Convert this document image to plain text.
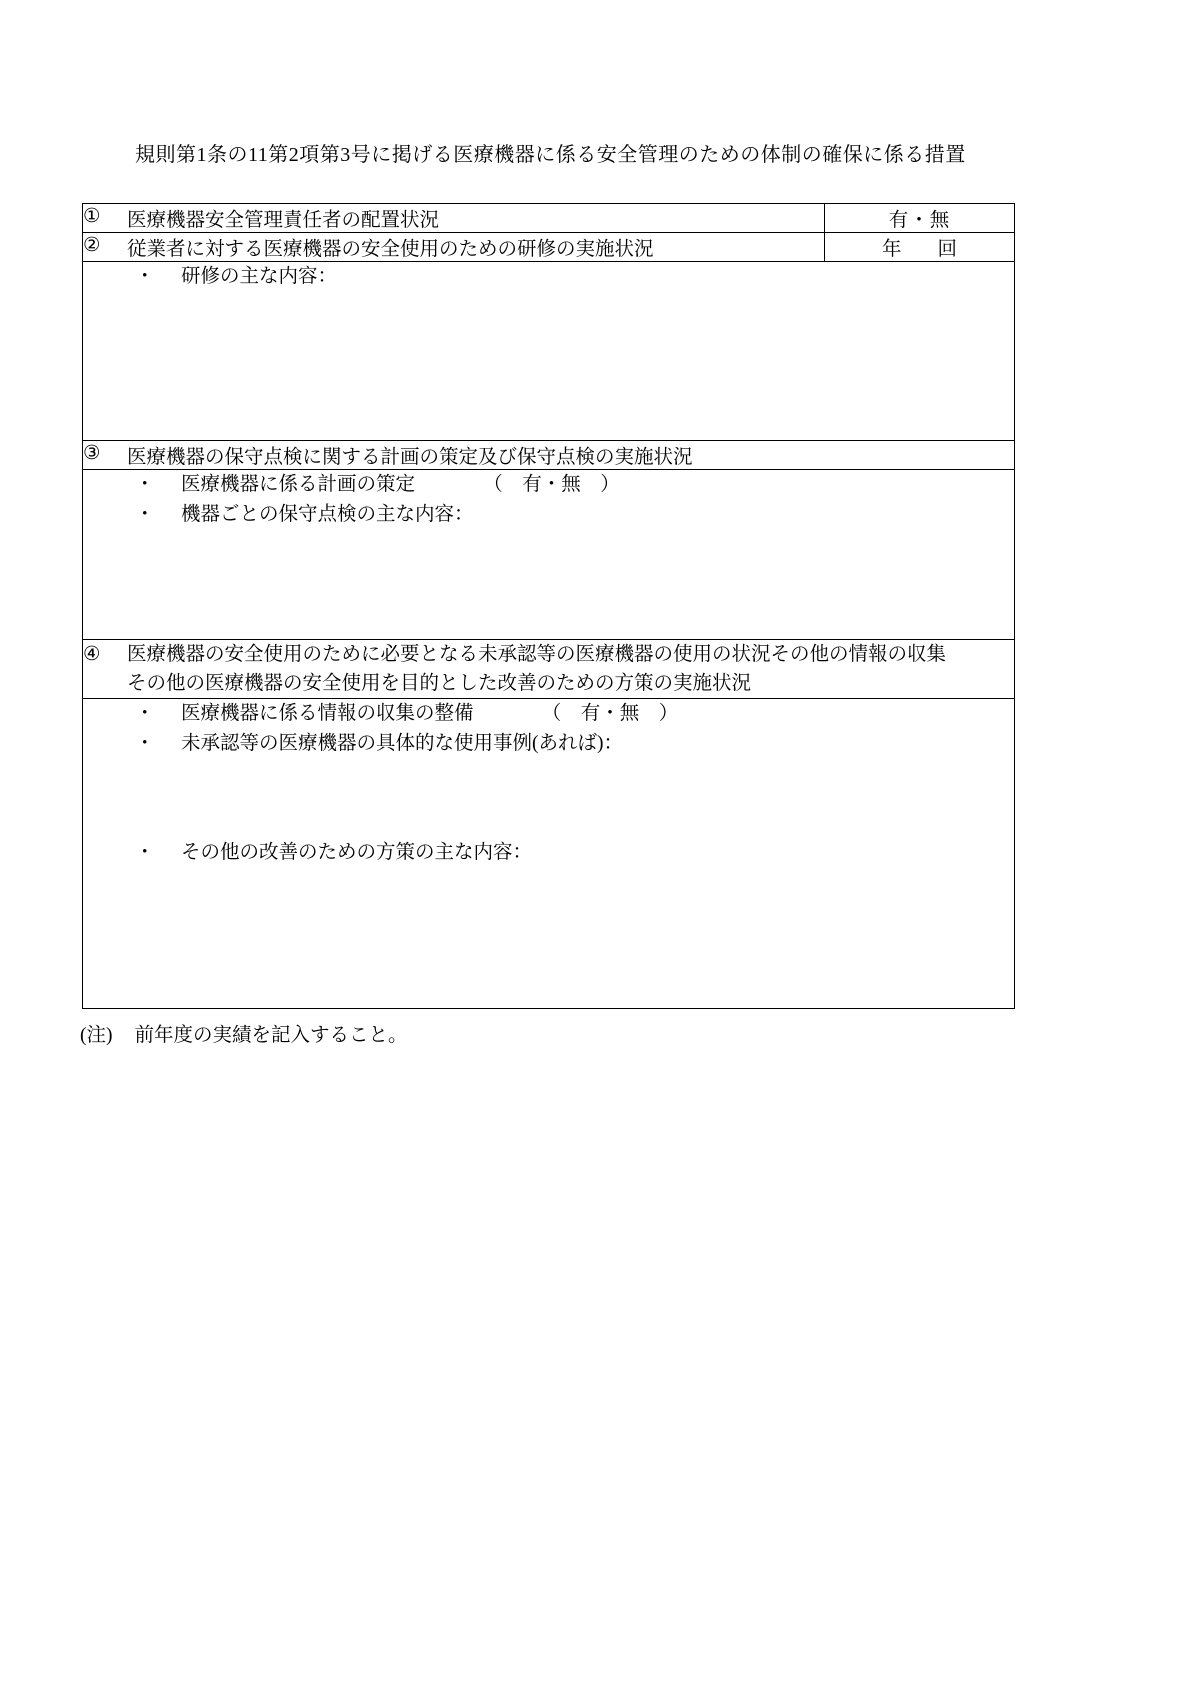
規則第1条の11第2項第3号に掲げる医療機器に係る安全管理のための体制の確保に係る措置
① 医療機器安全管理責任者の配置状況	有・無
② 従業者に対する医療機器の安全使用のための研修の実施状況	年 回

・ 研修の主な内容：	

③ 医療機器の保守点検に関する計画の策定及び保守点検の実施状況	

・ 医療機器に係る計画の策定　　　　（　有・無　）
・ 機器ごとの保守点検の主な内容：	

④ 医療機器の安全使用のために必要となる未承認等の医療機器の使用の状況その他の情報の収集
その他の医療機器の安全使用を目的とした改善のための方策の実施状況	

・ 医療機器に係る情報の収集の整備　　　　（　有・無　）
・ 未承認等の医療機器の具体的な使用事例(あれば)：
・ その他の改善のための方策の主な内容：	
(注) 前年度の実績を記入すること。
